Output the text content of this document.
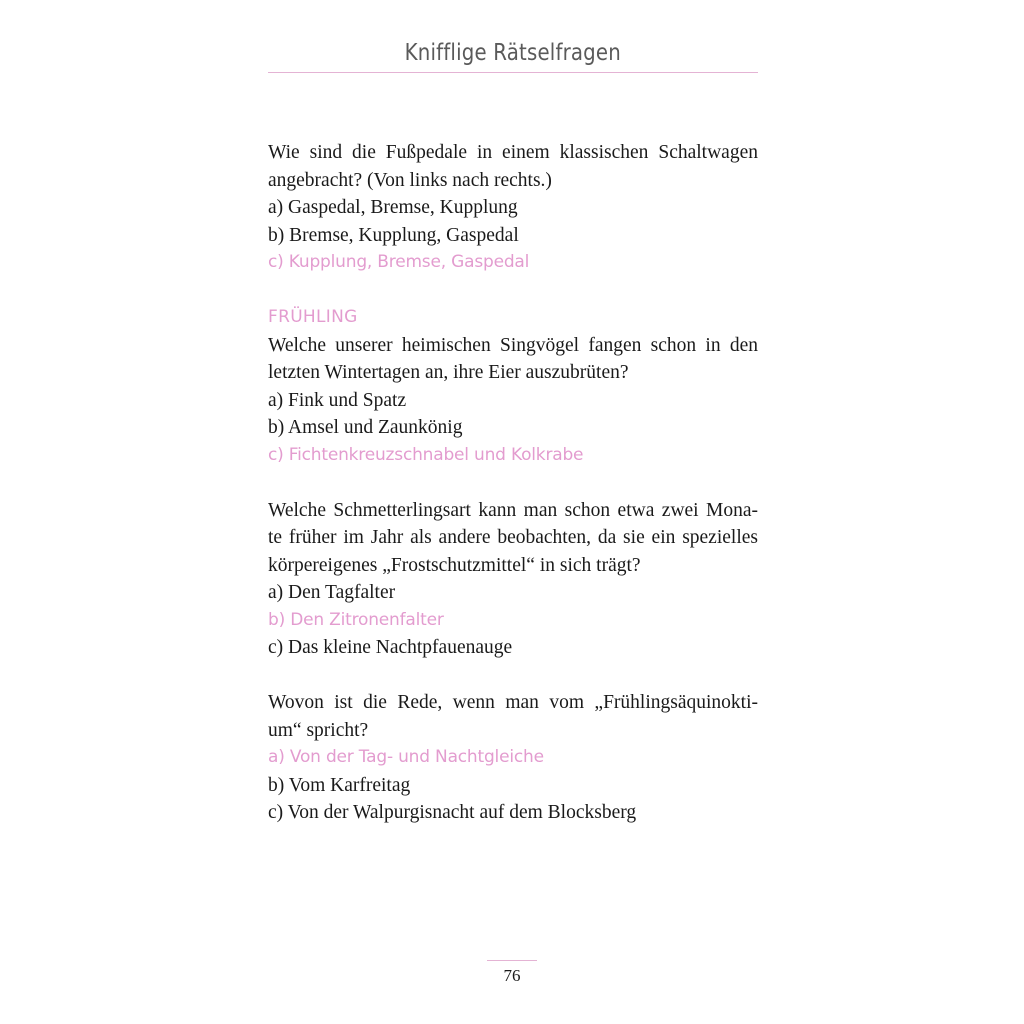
Knifflige Rätselfragen
Wie sind die Fußpedale in einem klassischen Schaltwagen
angebracht? (Von links nach rechts.)
a) Gaspedal, Bremse, Kupplung
b) Bremse, Kupplung, Gaspedal
c) Kupplung, Bremse, Gaspedal
FRÜHLING
Welche unserer heimischen Singvögel fangen schon in den
letzten Wintertagen an, ihre Eier auszubrüten?
a) Fink und Spatz
b) Amsel und Zaunkönig
c) Fichtenkreuzschnabel und Kolkrabe
Welche Schmetterlingsart kann man schon etwa zwei Mona-
te früher im Jahr als andere beobachten, da sie ein spezielles
körpereigenes „Frostschutzmittel“ in sich trägt?
a) Den Tagfalter
b) Den Zitronenfalter
c) Das kleine Nachtpfauenauge
Wovon ist die Rede, wenn man vom „Frühlingsäquinokti-
um“ spricht?
a) Von der Tag- und Nachtgleiche
b) Vom Karfreitag
c) Von der Walpurgisnacht auf dem Blocksberg
76
